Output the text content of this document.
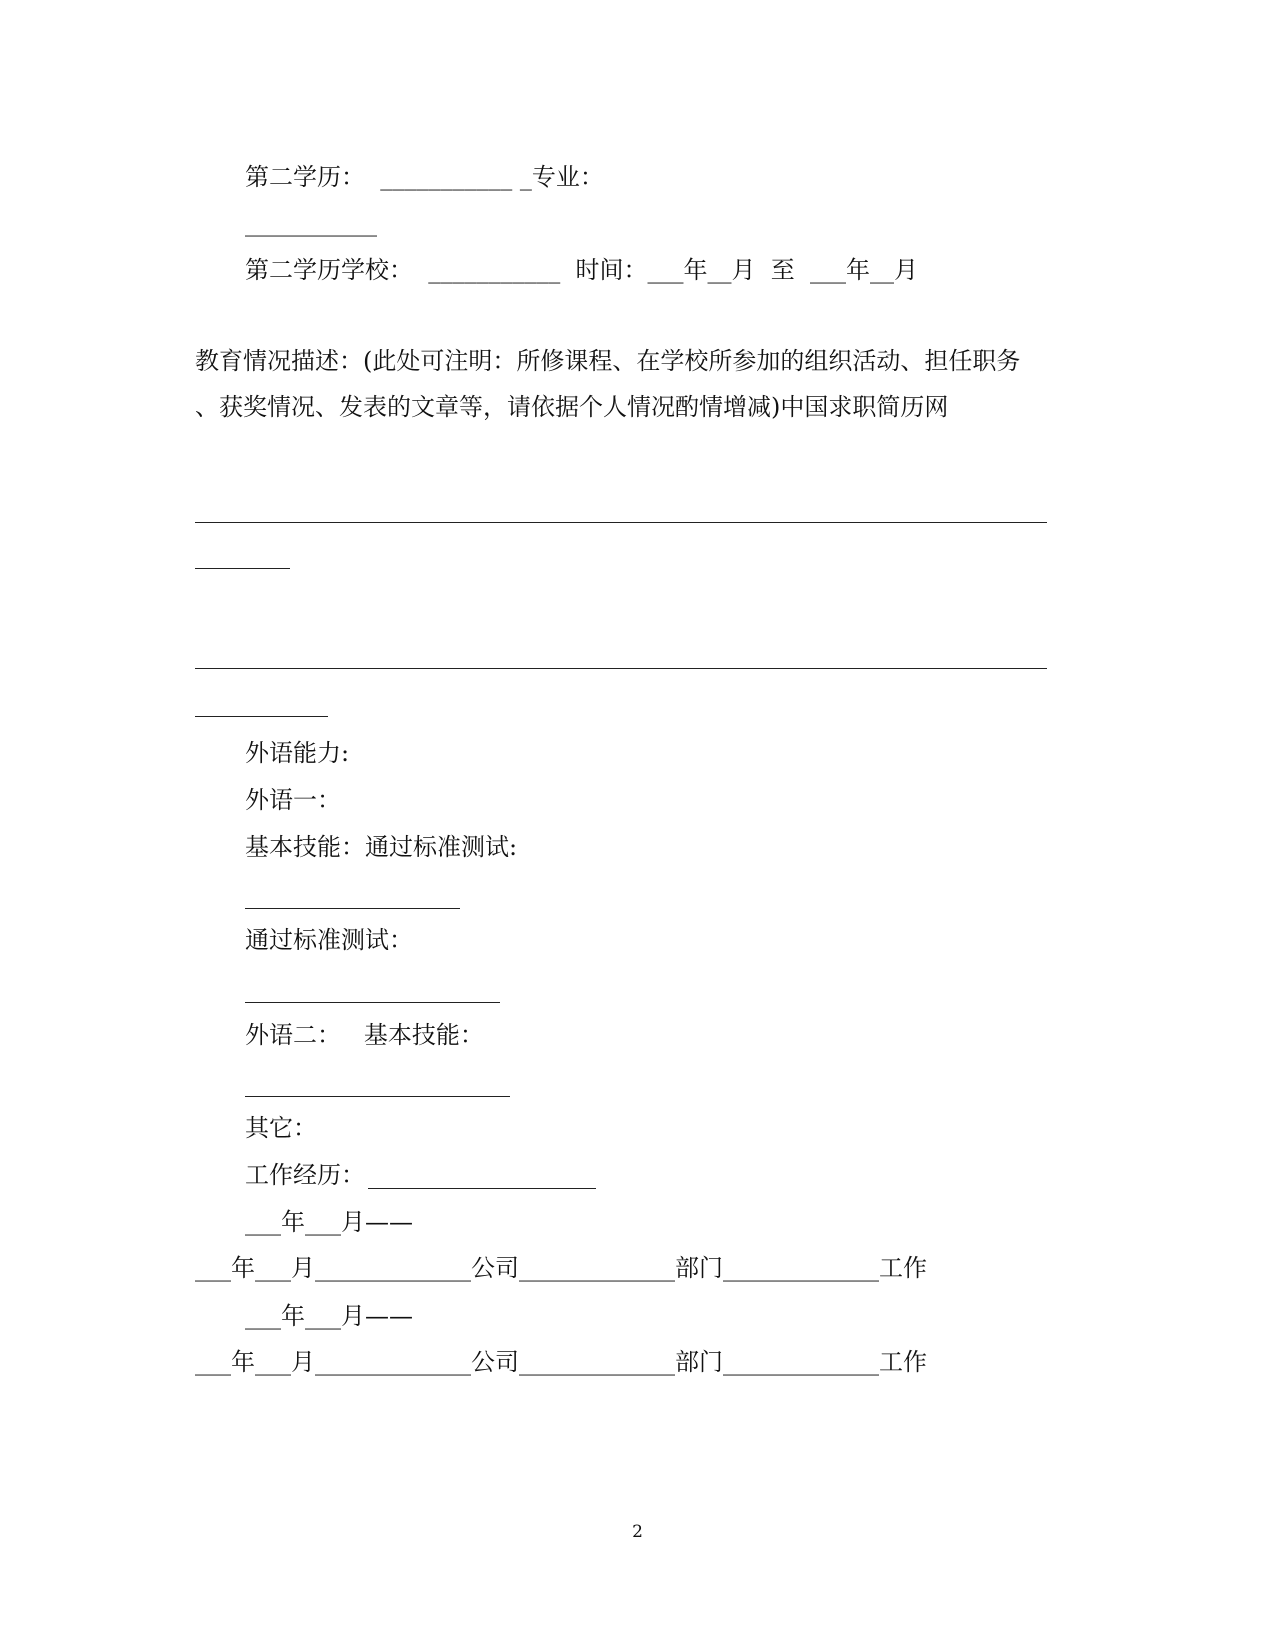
第二学历：  ___________ _专业：
___________
第二学历学校：  ___________  时间：___年__月  至  ___年__月
教育情况描述：(此处可注明：所修课程、在学校所参加的组织活动、担任职务
、获奖情况、发表的文章等，请依据个人情况酌情增减)中国求职简历网
外语能力:
外语一：
基本技能：通过标准测试:
通过标准测试：
外语二：   基本技能：
其它：
工作经历：
___年___月——
___年___月_____________公司_____________部门_____________工作
___年___月——
___年___月_____________公司_____________部门_____________工作
2
